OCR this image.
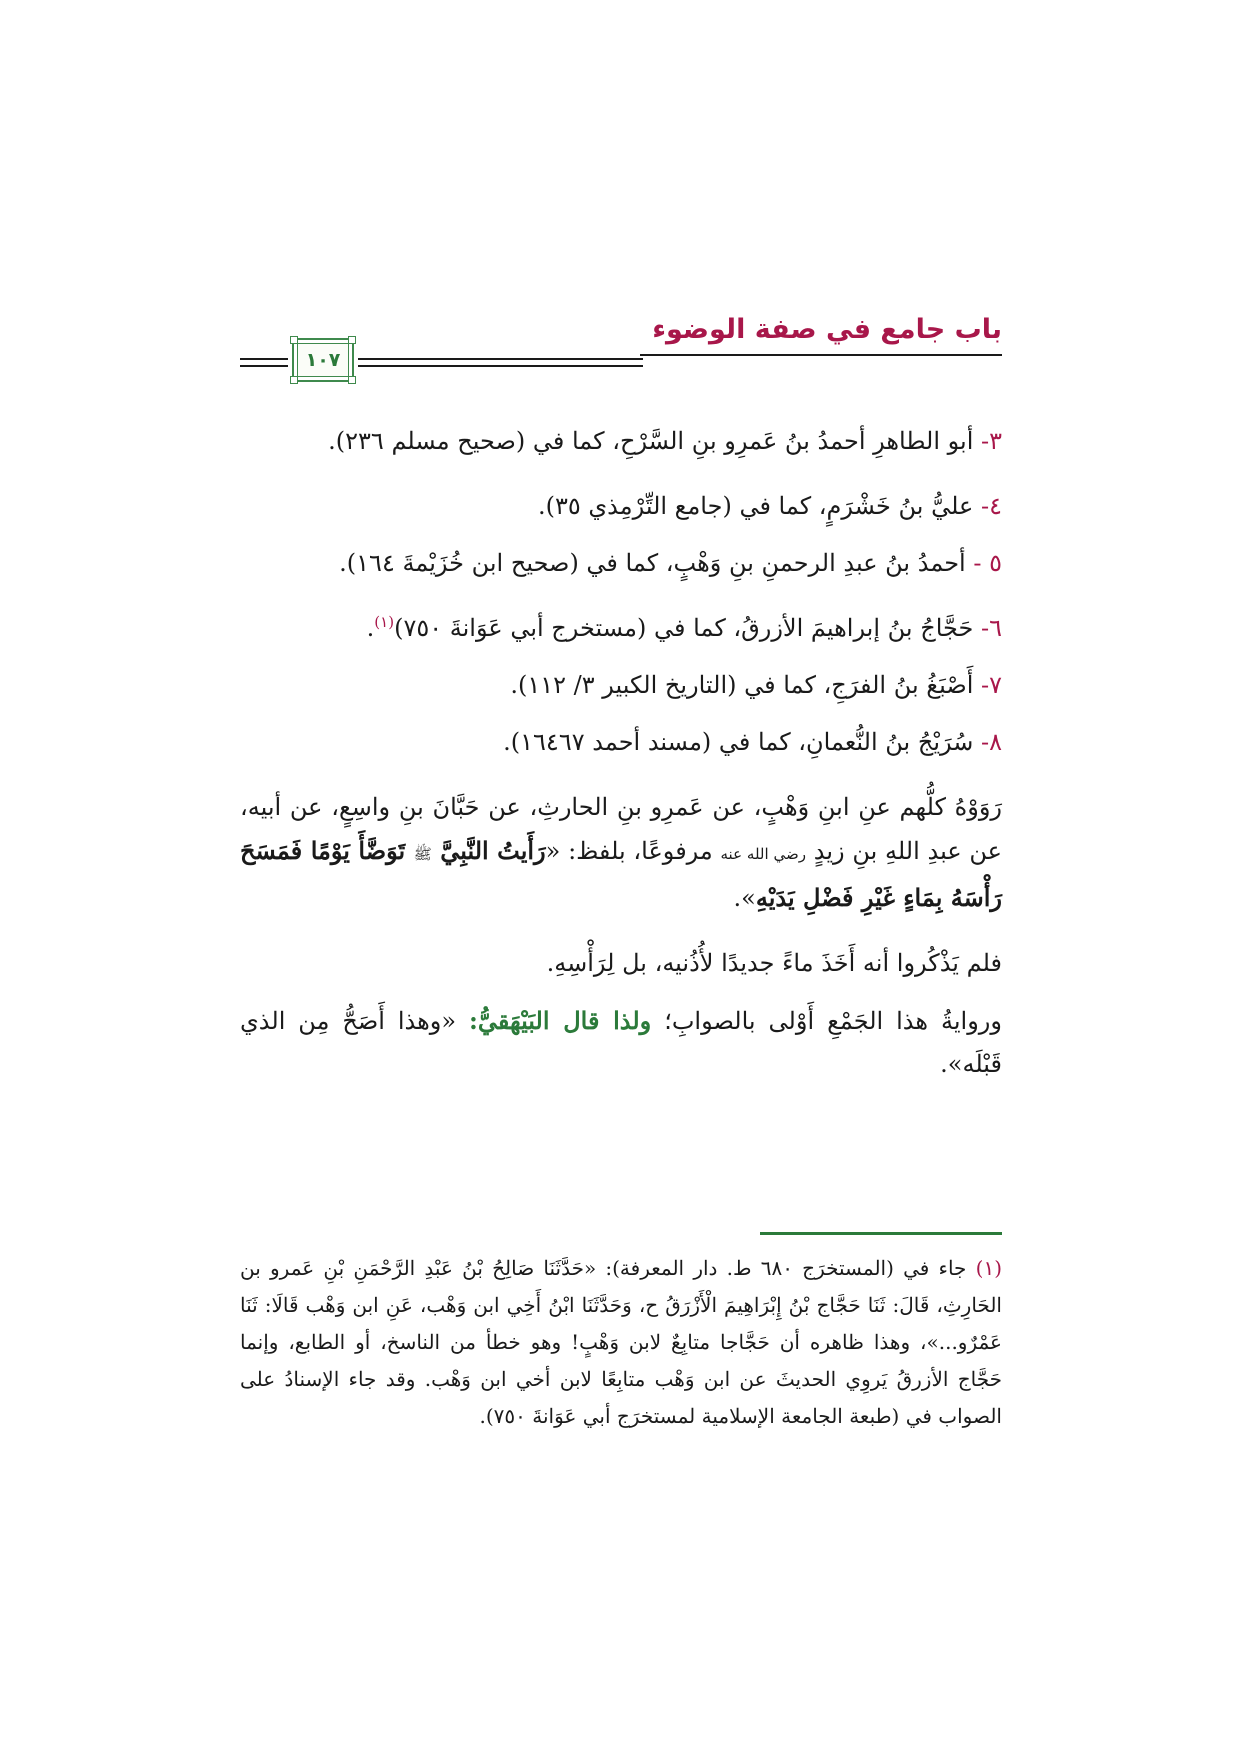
باب جامع في صفة الوضوء
١٠٧

٣- أبو الطاهرِ أحمدُ بنُ عَمرِو بنِ السَّرْحِ، كما في (صحيح مسلم ٢٣٦).

٤- عليُّ بنُ خَشْرَمٍ، كما في (جامع التِّرْمِذي ٣٥).

٥ - أحمدُ بنُ عبدِ الرحمنِ بنِ وَهْبٍ، كما في (صحيح ابن خُزَيْمةَ ١٦٤).

٦- حَجَّاجُ بنُ إبراهيمَ الأزرقُ، كما في (مستخرج أبي عَوَانةَ ٧٥٠)$^{(١)}$.

٧- أَصْبَغُ بنُ الفرَجِ، كما في (التاريخ الكبير ٣/ ١١٢).

٨- سُرَيْجُ بنُ النُّعمانِ، كما في (مسند أحمد ١٦٤٦٧).

رَوَوْهُ كلُّهم عنِ ابنِ وَهْبٍ، عن عَمرِو بنِ الحارثِ، عن حَبَّانَ بنِ واسِعٍ، عن أبيه، عن عبدِ اللهِ بنِ زيدٍ رضي الله عنه مرفوعًا، بلفظ: «رَأَيتُ النَّبِيَّ ﷺ تَوَضَّأَ يَوْمًا فَمَسَحَ رَأْسَهُ بِمَاءٍ غَيْرِ فَضْلِ يَدَيْهِ».

فلم يَذْكُروا أنه أَخَذَ ماءً جديدًا لأُذُنيه، بل لِرَأْسِهِ.

وروايةُ هذا الجَمْعِ أَوْلى بالصوابِ؛ ولذا قال البَيْهَقيُّ: «وهذا أَصَحُّ مِن الذي قَبْلَه».

(١) جاء في (المستخرَج ٦٨٠ ط. دار المعرفة): «حَدَّثَنَا صَالِحُ بْنُ عَبْدِ الرَّحْمَنِ بْنِ عَمرو بن الحَارِثِ، قَالَ: ثَنَا حَجَّاج بْنُ إِبْرَاهِيمَ الْأَزْرَقُ ح، وَحَدَّثَنَا ابْنُ أَخِي ابن وَهْب، عَنِ ابن وَهْب قَالَا: ثَنَا عَمْرٌو...»، وهذا ظاهره أن حَجَّاجا متابِعٌ لابن وَهْبٍ! وهو خطأ من الناسخ، أو الطابع، وإنما حَجَّاج الأزرقُ يَروِي الحديثَ عن ابن وَهْب متابِعًا لابن أخي ابن وَهْب. وقد جاء الإسنادُ على الصواب في (طبعة الجامعة الإسلامية لمستخرَج أبي عَوَانةَ ٧٥٠).
